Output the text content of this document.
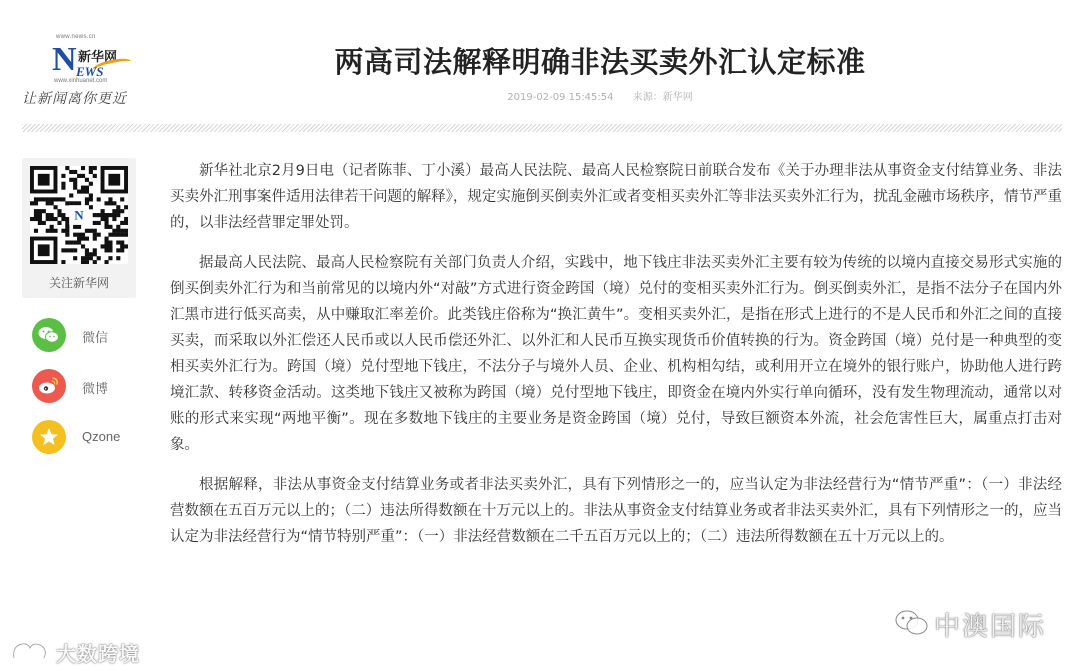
www.news.cn
N 新华网
EWS
www.xinhuanet.com
让新闻离你更近
两高司法解释明确非法买卖外汇认定标准
2019-02-09 15:45:54 来源：新华网
N
关注新华网
微信
微博
Qzone

新华社北京2月9日电（记者陈菲、丁小溪）最高人民法院、最高人民检察院日前联合发布《关于办理非法从事资金支付结算业务、非法买卖外汇刑事案件适用法律若干问题的解释》，规定实施倒买倒卖外汇或者变相买卖外汇等非法买卖外汇行为，扰乱金融市场秩序，情节严重的，以非法经营罪定罪处罚。

据最高人民法院、最高人民检察院有关部门负责人介绍，实践中，地下钱庄非法买卖外汇主要有较为传统的以境内直接交易形式实施的倒买倒卖外汇行为和当前常见的以境内外“对敲”方式进行资金跨国（境）兑付的变相买卖外汇行为。倒买倒卖外汇，是指不法分子在国内外汇黑市进行低买高卖，从中赚取汇率差价。此类钱庄俗称为“换汇黄牛”。变相买卖外汇，是指在形式上进行的不是人民币和外汇之间的直接买卖，而采取以外汇偿还人民币或以人民币偿还外汇、以外汇和人民币互换实现货币价值转换的行为。资金跨国（境）兑付是一种典型的变相买卖外汇行为。跨国（境）兑付型地下钱庄，不法分子与境外人员、企业、机构相勾结，或利用开立在境外的银行账户，协助他人进行跨境汇款、转移资金活动。这类地下钱庄又被称为跨国（境）兑付型地下钱庄，即资金在境内外实行单向循环，没有发生物理流动，通常以对账的形式来实现“两地平衡”。现在多数地下钱庄的主要业务是资金跨国（境）兑付，导致巨额资本外流，社会危害性巨大，属重点打击对象。

根据解释，非法从事资金支付结算业务或者非法买卖外汇，具有下列情形之一的，应当认定为非法经营行为“情节严重”：（一）非法经营数额在五百万元以上的；（二）违法所得数额在十万元以上的。非法从事资金支付结算业务或者非法买卖外汇，具有下列情形之一的，应当认定为非法经营行为“情节特别严重”：（一）非法经营数额在二千五百万元以上的；（二）违法所得数额在五十万元以上的。

大数跨境
中澳国际
